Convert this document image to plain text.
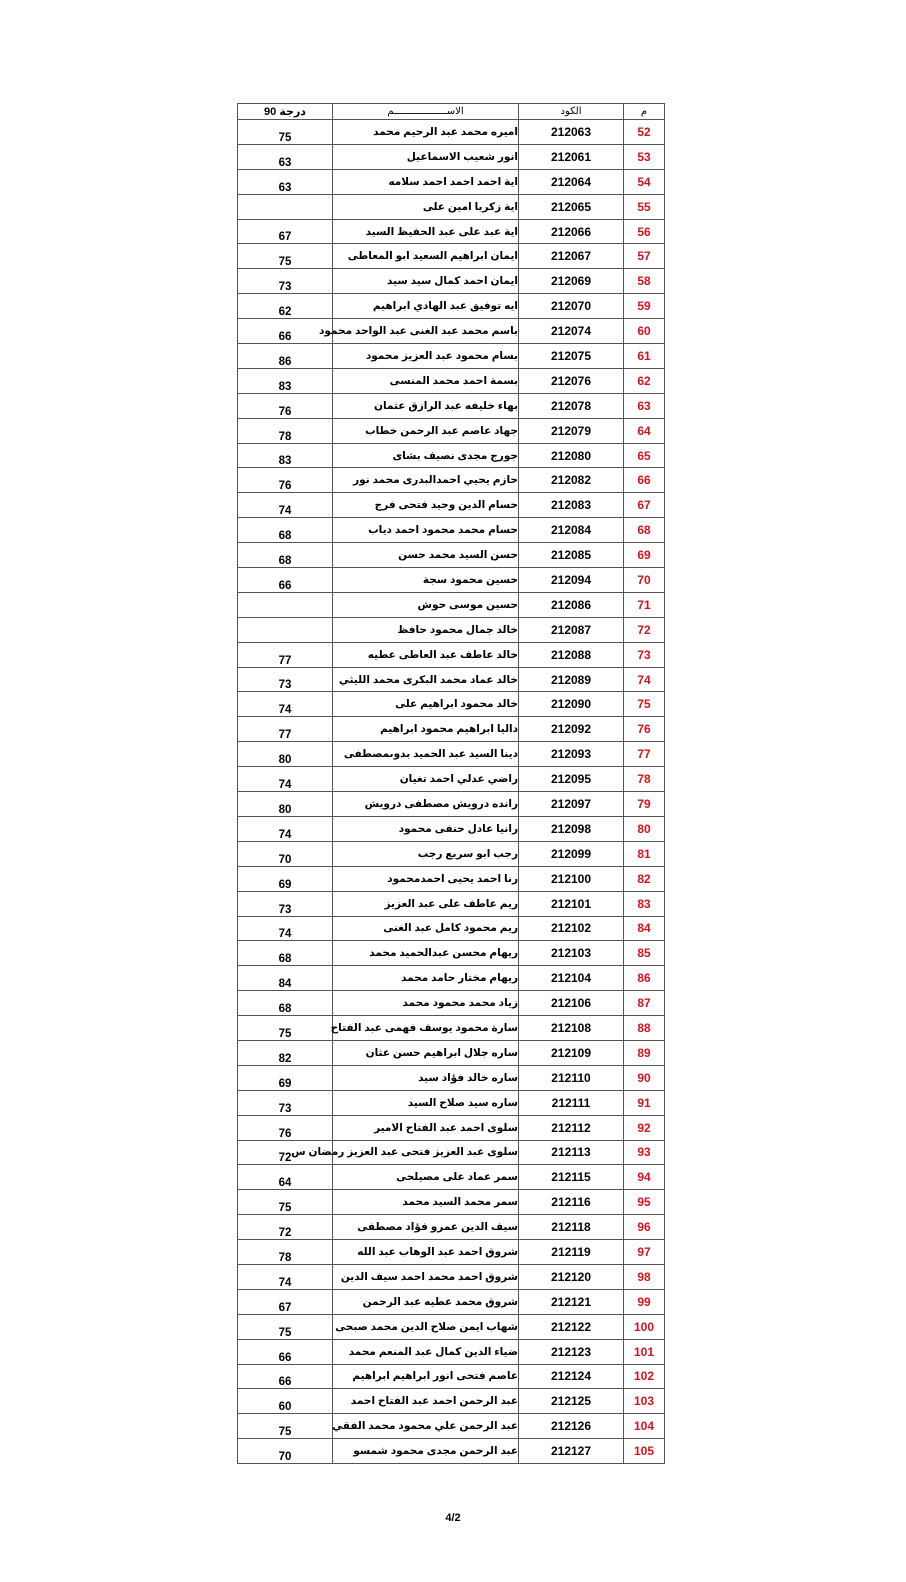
درجة 90	الاســــــــــــــــــم	الكود	م
75	اميره محمد عبد الرحيم محمد	212063	52
63	انور شعيب الاسماعيل	212061	53
63	اية احمد احمد احمد سلامه	212064	54
	اية زكريا امين على	212065	55
67	اية عبد على عبد الحفيظ السيد	212066	56
75	ايمان ابراهيم السعيد ابو المعاطى	212067	57
73	ايمان احمد كمال سيد سيد	212069	58
62	ايه توفيق عبد الهادي ابراهيم	212070	59
66	باسم محمد عبد الغنى عبد الواحد محمود	212074	60
86	بسام محمود عبد العزيز محمود	212075	61
83	بسمة احمد محمد المنسى	212076	62
76	بهاء خليفه عبد الرازق عثمان	212078	63
78	جهاد عاصم عبد الرحمن خطاب	212079	64
83	جورج مجدى نصيف بشاى	212080	65
76	حازم يحيي احمدالبدرى محمد نور	212082	66
74	حسام الدين وحيد فتحى فرج	212083	67
68	حسام محمد محمود احمد دياب	212084	68
68	حسن السيد محمد حسن	212085	69
66	حسين محمود سجة	212094	70
	حسين موسى حوش	212086	71
	خالد جمال محمود حافظ	212087	72
77	خالد عاطف عبد العاطى عطيه	212088	73
73	خالد عماد محمد البكرى محمد الليثي	212089	74
74	خالد محمود ابراهيم على	212090	75
77	داليا ابراهيم محمود ابراهيم	212092	76
80	دينا السيد عبد الحميد بدوىمصطفى	212093	77
74	راضي عدلي احمد تغيان	212095	78
80	رانده درويش مصطفى درويش	212097	79
74	رانيا عادل حنفى محمود	212098	80
70	رجب ابو سريع رجب	212099	81
69	رنا احمد يحيى احمدمحمود	212100	82
73	ريم عاطف على عبد العزيز	212101	83
74	ريم محمود كامل عبد الغنى	212102	84
68	ريهام محسن عبدالحميد محمد	212103	85
84	ريهام مختار حامد محمد	212104	86
68	زياد محمد محمود محمد	212106	87
75	سارة محمود يوسف فهمى عبد الفتاح	212108	88
82	ساره جلال ابراهيم حسن عثان	212109	89
69	ساره خالد فؤاد سيد	212110	90
73	ساره سيد صلاح السيد	212111	91
76	سلوى احمد عبد الفتاح الامير	212112	92
72	سلوى عبد العزيز فتحى عبد العزيز رمضان س	212113	93
64	سمر عماد على مصيلحى	212115	94
75	سمر محمد السيد محمد	212116	95
72	سيف الدين عمرو فؤاد مصطفى	212118	96
78	شروق احمد عبد الوهاب عبد الله	212119	97
74	شروق احمد محمد احمد سيف الدين	212120	98
67	شروق محمد عطيه عبد الرحمن	212121	99
75	شهاب ايمن صلاح الدين محمد صبحى	212122	100
66	ضياء الدين كمال عبد المنعم محمد	212123	101
66	عاصم فتحى انور ابراهيم ابراهيم	212124	102
60	عبد الرحمن احمد عبد الفتاح احمد	212125	103
75	عبد الرحمن علي محمود محمد الفقي	212126	104
70	عبد الرحمن مجدى محمود شمسو	212127	105
4/2
